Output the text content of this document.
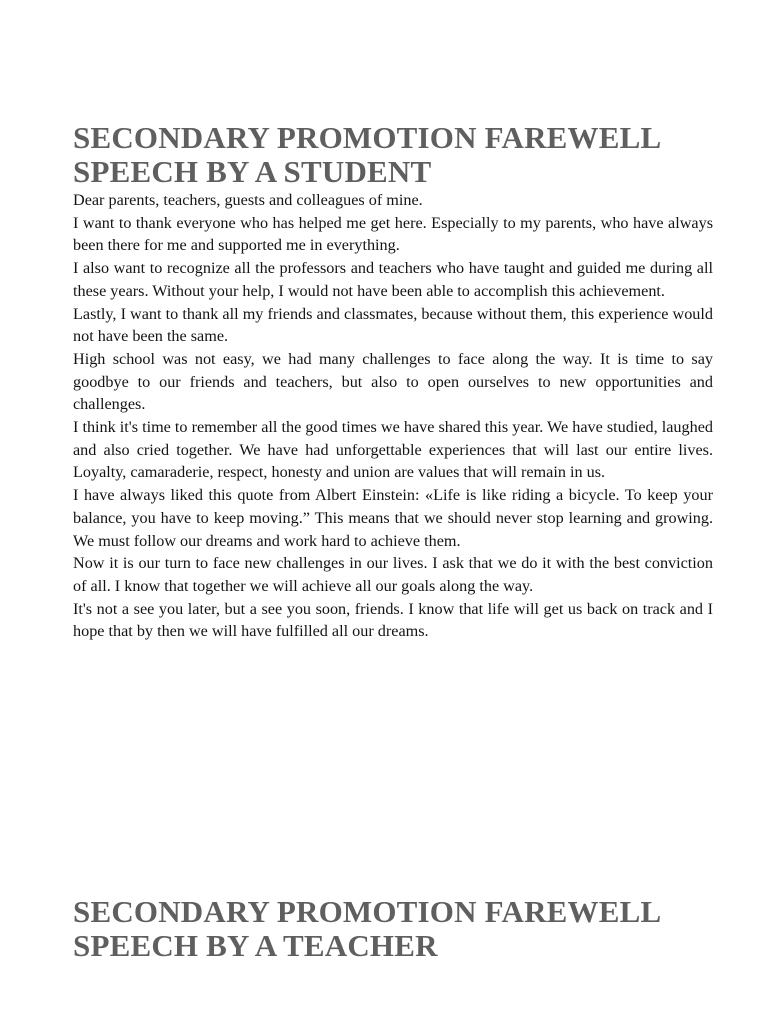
SECONDARY PROMOTION FAREWELL SPEECH BY A STUDENT

Dear parents, teachers, guests and colleagues of mine.

I want to thank everyone who has helped me get here. Especially to my parents, who have always been there for me and supported me in everything.

I also want to recognize all the professors and teachers who have taught and guided me during all these years. Without your help, I would not have been able to accomplish this achievement.

Lastly, I want to thank all my friends and classmates, because without them, this experience would not have been the same.

High school was not easy, we had many challenges to face along the way. It is time to say goodbye to our friends and teachers, but also to open ourselves to new opportunities and challenges.

I think it's time to remember all the good times we have shared this year. We have studied, laughed and also cried together. We have had unforgettable experiences that will last our entire lives. Loyalty, camaraderie, respect, honesty and union are values that will remain in us.

I have always liked this quote from Albert Einstein: «Life is like riding a bicycle. To keep your balance, you have to keep moving.” This means that we should never stop learning and growing. We must follow our dreams and work hard to achieve them.

Now it is our turn to face new challenges in our lives. I ask that we do it with the best conviction of all. I know that together we will achieve all our goals along the way.

It's not a see you later, but a see you soon, friends. I know that life will get us back on track and I hope that by then we will have fulfilled all our dreams.

SECONDARY PROMOTION FAREWELL SPEECH BY A TEACHER
